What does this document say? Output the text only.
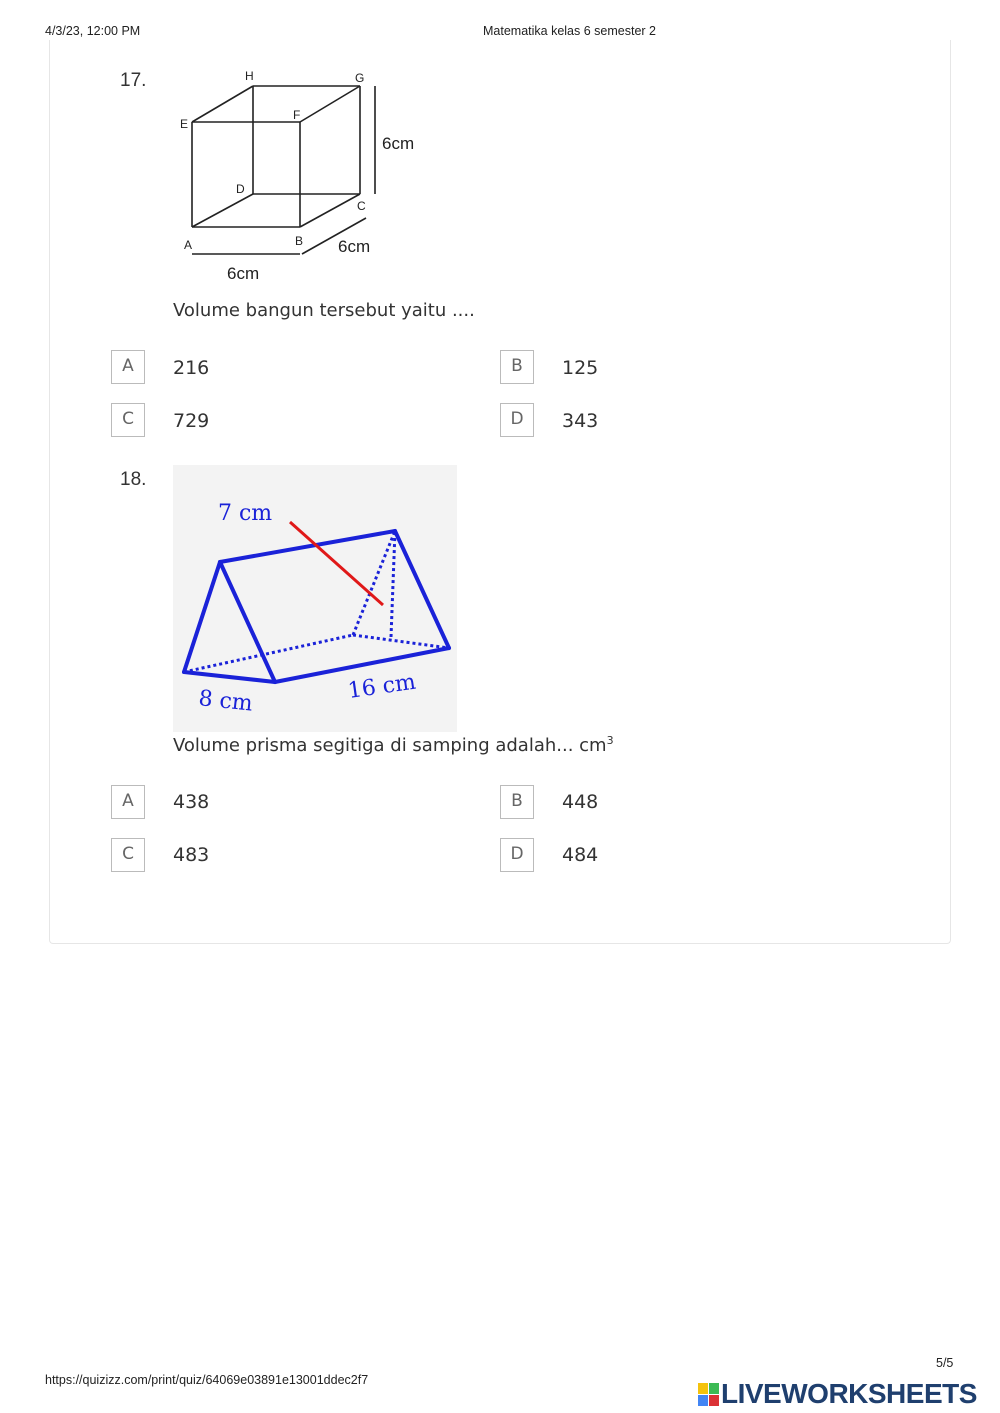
4/3/23, 12:00 PM	Matematika kelas 6 semester 2
17.
A	B
C
D
E
F
G
H
6cm
6cm
6cm
Volume bangun tersebut yaitu ....
A	216	B	125
C	729	D	343
18.
7 cm
8 cm	16 cm
Volume prisma segitiga di samping adalah... $cm^3$
A	438	B	448
C	483	D	484
https://quizizz.com/print/quiz/64069e03891e13001ddec2f7
5/5
LIVEWORKSHEETS
